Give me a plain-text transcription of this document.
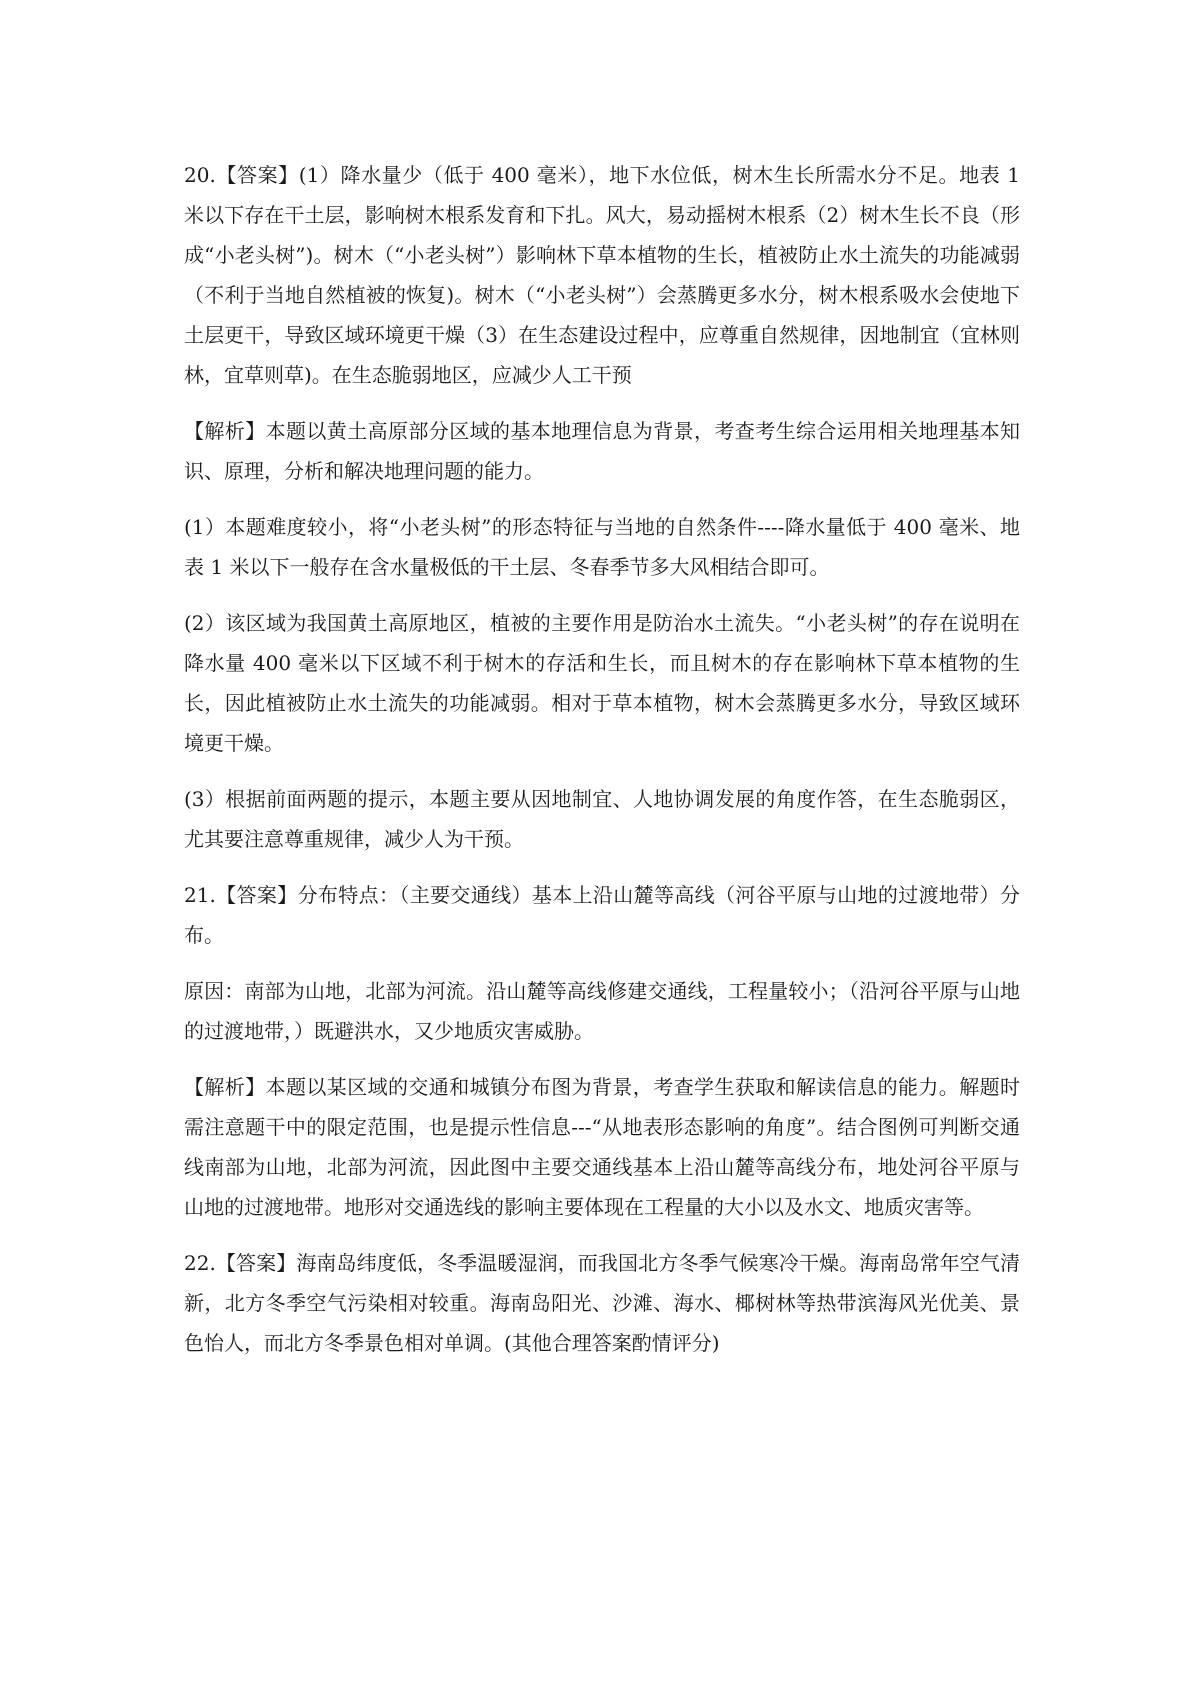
20.【答案】(1）降水量少（低于 400 毫米），地下水位低，树木生长所需水分不足。地表 1 米以下存在干土层，影响树木根系发育和下扎。风大，易动摇树木根系（2）树木生长不良（形成“小老头树”)。树木（“小老头树”）影响林下草本植物的生长，植被防止水土流失的功能减弱（不利于当地自然植被的恢复)。树木（“小老头树”）会蒸腾更多水分，树木根系吸水会使地下土层更干，导致区域环境更干燥（3）在生态建设过程中，应尊重自然规律，因地制宜（宜林则林，宜草则草)。在生态脆弱地区，应减少人工干预

【解析】本题以黄土高原部分区域的基本地理信息为背景，考查考生综合运用相关地理基本知识、原理，分析和解决地理问题的能力。

(1）本题难度较小，将“小老头树”的形态特征与当地的自然条件----降水量低于 400 毫米、地表 1 米以下一般存在含水量极低的干土层、冬春季节多大风相结合即可。

(2）该区域为我国黄土高原地区，植被的主要作用是防治水土流失。“小老头树”的存在说明在降水量 400 毫米以下区域不利于树木的存活和生长，而且树木的存在影响林下草本植物的生长，因此植被防止水土流失的功能减弱。相对于草本植物，树木会蒸腾更多水分，导致区域环境更干燥。

(3）根据前面两题的提示，本题主要从因地制宜、人地协调发展的角度作答，在生态脆弱区，尤其要注意尊重规律，减少人为干预。

21.【答案】分布特点：（主要交通线）基本上沿山麓等高线（河谷平原与山地的过渡地带）分布。

原因：南部为山地，北部为河流。沿山麓等高线修建交通线，工程量较小；（沿河谷平原与山地的过渡地带，）既避洪水，又少地质灾害威胁。

【解析】本题以某区域的交通和城镇分布图为背景，考查学生获取和解读信息的能力。解题时需注意题干中的限定范围，也是提示性信息---“从地表形态影响的角度”。结合图例可判断交通线南部为山地，北部为河流，因此图中主要交通线基本上沿山麓等高线分布，地处河谷平原与山地的过渡地带。地形对交通选线的影响主要体现在工程量的大小以及水文、地质灾害等。

22.【答案】海南岛纬度低，冬季温暖湿润，而我国北方冬季气候寒冷干燥。海南岛常年空气清新，北方冬季空气污染相对较重。海南岛阳光、沙滩、海水、椰树林等热带滨海风光优美、景色怡人，而北方冬季景色相对单调。(其他合理答案酌情评分)
